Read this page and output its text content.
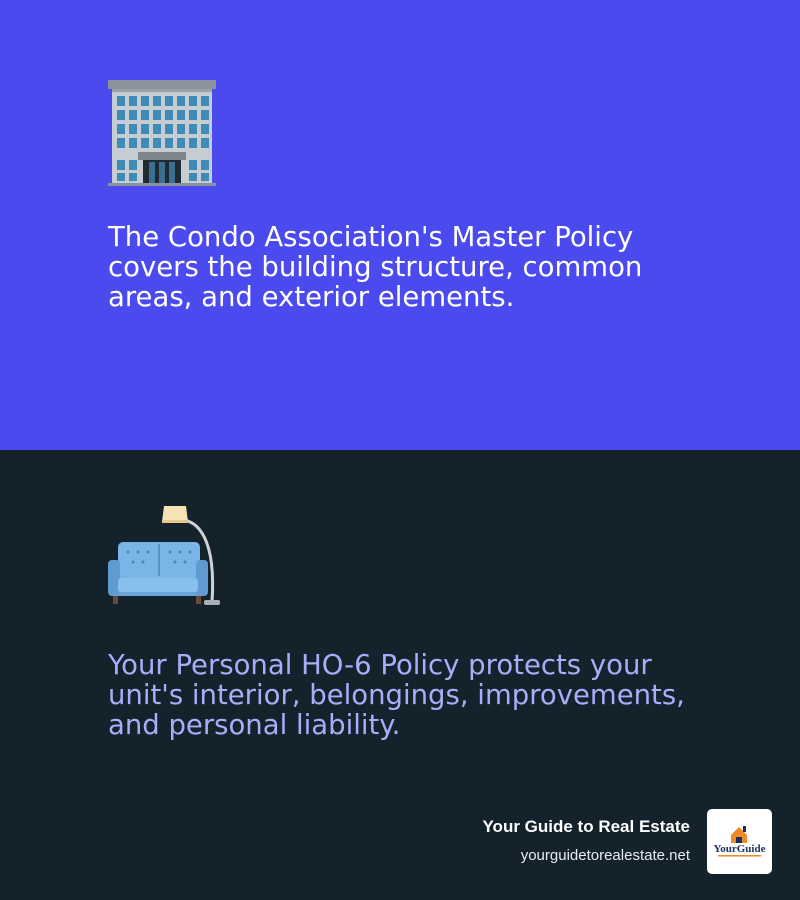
The Condo Association's Master Policy covers the building structure, common areas, and exterior elements.

Your Personal HO-6 Policy protects your unit's interior, belongings, improvements, and personal liability.

Your Guide to Real Estate
yourguidetorealestate.net YourGuide
